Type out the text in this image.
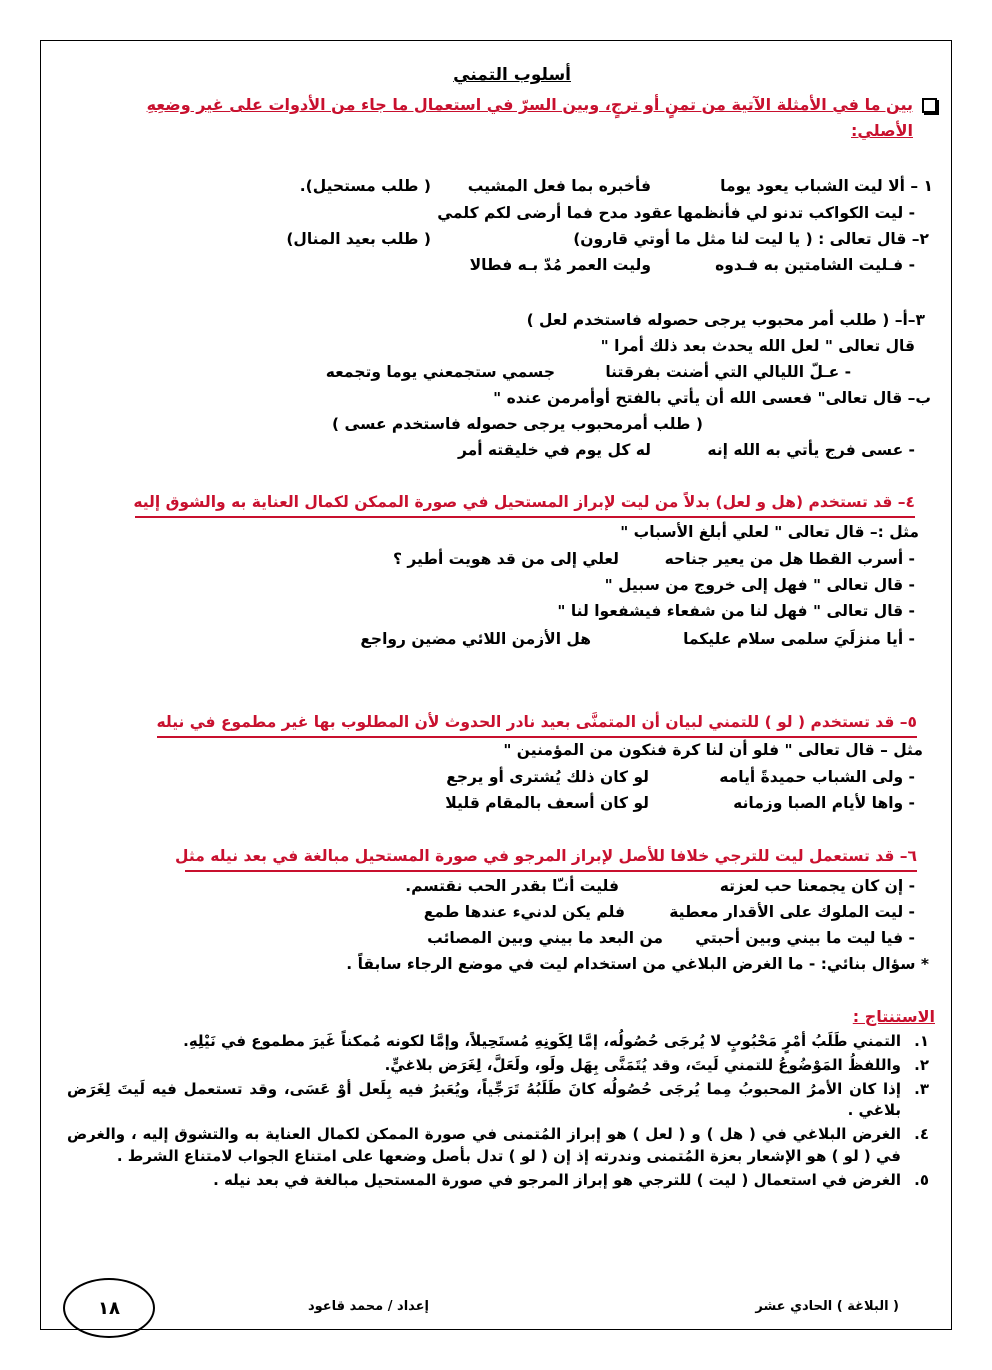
أسلوب التمني
بين ما في الأمثلة الآتية من تمنٍ أو ترجٍ، وبين السرّ في استعمال ما جاء من الأدوات على غير وضعِهِ
الأصلي:
١ – ألا ليت الشباب يعود يوما
فأخبره بما فعل المشيب
( طلب مستحيل).
- ليت الكواكب تدنو لي فأنظمها
عقود مدح فما أرضى لكم كلمي
٢– قال تعالى : ( يا ليت لنا مثل ما أوتي قارون)
( طلب بعيد المنال)
- فـليت الشامتين به فـدوه
وليت العمر مُدّ بـه فطالا
٣–أ– ( طلب أمر محبوب يرجى حصوله فاستخدم لعل )
قال تعالى " لعل الله يحدث بعد ذلك أمرا "
- عـلّ الليالي التي أضنت بفرقتنا
جسمي ستجمعني يوما وتجمعه
ب– قال تعالى" فعسى الله أن يأتي بالفتح أوأمرمن عنده "
( طلب أمرمحبوب يرجى حصوله فاستخدم عسى )
- عسى فرج يأتي به الله إنه
له كل يوم في خليقته أمر
٤– قد تستخدم (هل و لعل) بدلاً من ليت لإبراز المستحيل في صورة الممكن لكمال العناية به والشوق إليه
مثل :– قال تعالى " لعلي أبلغ الأسباب "
- أسرب القطا هل من يعير جناحه
لعلي إلى من قد هويت أطير ؟
- قال تعالى " فهل إلى خروج من سبيل "
- قال تعالى " فهل لنا من شفعاء فيشفعوا لنا "
- أيا منزلَيَ سلمى سلام عليكما
هل الأزمن اللائي مضين رواجع
٥– قد تستخدم ( لو ) للتمني لبيان أن المتمنَّى بعيد نادر الحدوث لأن المطلوب بها غير مطموع في نيله
مثل – قال تعالى " فلو أن لنا كرة فنكون من المؤمنين "
- ولى الشباب حميدةً أيامه
لو كان ذلك يُشترى أو يرجع
- واها لأيام الصبا وزمانه
لو كان أسعف بالمقام قليلا
٦– قد تستعمل ليت للترجي خلافا للأصل لإبراز المرجو في صورة المستحيل مبالغة في بعد نيله مثل
- إن كان يجمعنا حب لعزته
فليت أنـّا بقدر الحب نقتسم.
- ليت الملوك على الأقدار معطية
فلم يكن لدنيء عندها طمع
- فيا ليت ما بيني وبين أحبتي
من البعد ما بيني وبين المصائب
* سؤال بنائي: - ما الغرض البلاغي من استخدام ليت في موضع الرجاء سابقاً .
الاستنتاج :
١.
التمني طَلَبُ أمْرٍ مَحْبُوبٍ لا يُرجَى حُصُولُه، إمَّا لِكَونِهِ مُستَحِيلاً، وإمَّا لكونه مُمكناً غَيرَ مطموع في نَيْلِهِ.
٢.
واللفظُ المَوْضُوعُ للتمني لَيتَ، وقد يُتَمَنَّى بِهَل ولَو، ولَعَلَّ، لِغَرَض بلاغيٍّ.
٣.
إذا كان الأمرُ المحبوبُ مِما يُرجَى حُصُولُه كانَ طَلَبُهُ تَرَجِّياً، ويُعَبرُ فيه بِلَعل أوْ عَسَى، وقد تستعمل فيه لَيتَ لِغَرَض بلاغي .
٤.
الغرض البلاغي في ( هل ) و ( لعل ) هو إبراز المُتمنى في صورة الممكن لكمال العناية به والتشوق إليه ، والغرض في ( لو ) هو الإشعار بعزة المُتمنى وندرته إذ إن ( لو ) تدل بأصل وضعها على امتناع الجواب لامتناع الشرط .
٥.
الغرض في استعمال ( ليت ) للترجي هو إبراز المرجو في صورة المستحيل مبالغة في بعد نيله .
( البلاغة ) الحادي عشر
إعداد / محمد قاعود
١٨
